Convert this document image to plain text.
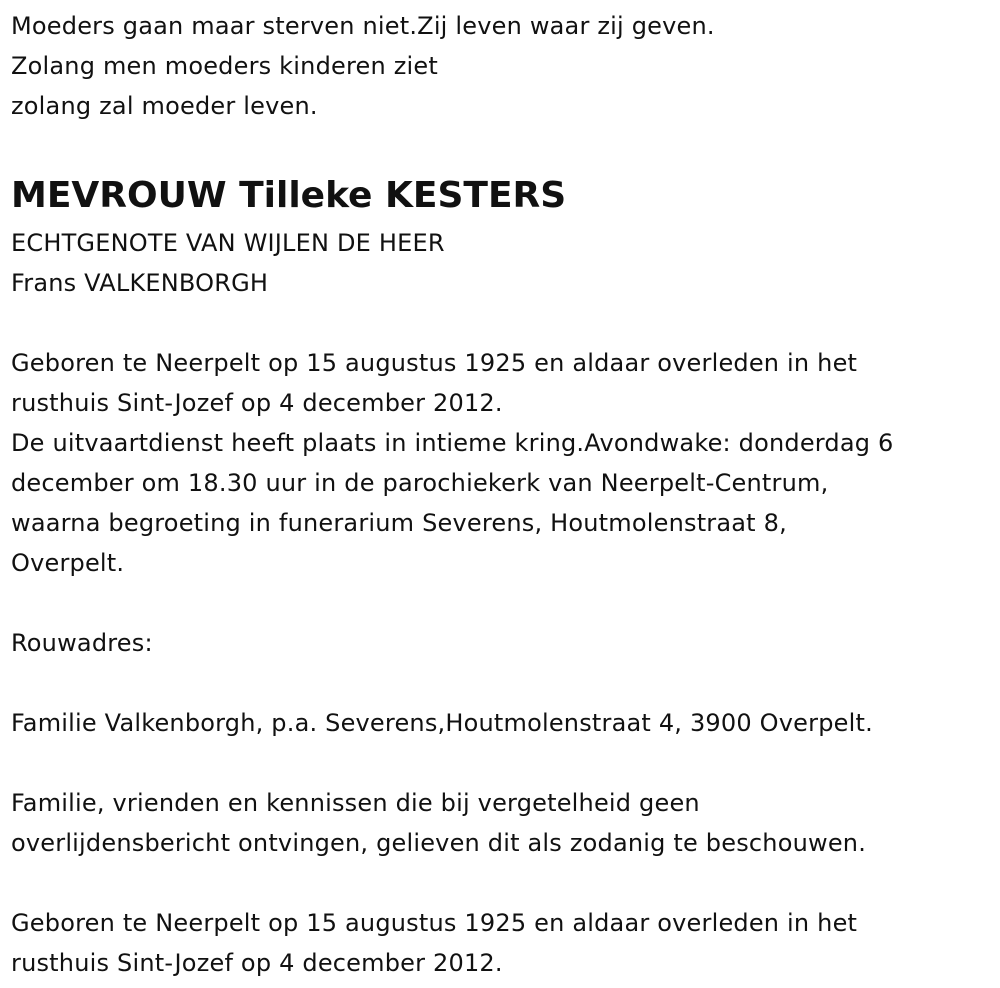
Moeders gaan maar sterven niet.Zij leven waar zij geven.
Zolang men moeders kinderen ziet
zolang zal moeder leven.
MEVROUW Tilleke KESTERS
ECHTGENOTE VAN WIJLEN DE HEER
Frans VALKENBORGH
Geboren te Neerpelt op 15 augustus 1925 en aldaar overleden in het
rusthuis Sint-Jozef op 4 december 2012.
De uitvaartdienst heeft plaats in intieme kring.Avondwake: donderdag 6
december om 18.30 uur in de parochiekerk van Neerpelt-Centrum,
waarna begroeting in funerarium Severens, Houtmolenstraat 8,
Overpelt.
Rouwadres:
Familie Valkenborgh, p.a. Severens,Houtmolenstraat 4, 3900 Overpelt.
Familie, vrienden en kennissen die bij vergetelheid geen
overlijdensbericht ontvingen, gelieven dit als zodanig te beschouwen.
Geboren te Neerpelt op 15 augustus 1925 en aldaar overleden in het
rusthuis Sint-Jozef op 4 december 2012.
